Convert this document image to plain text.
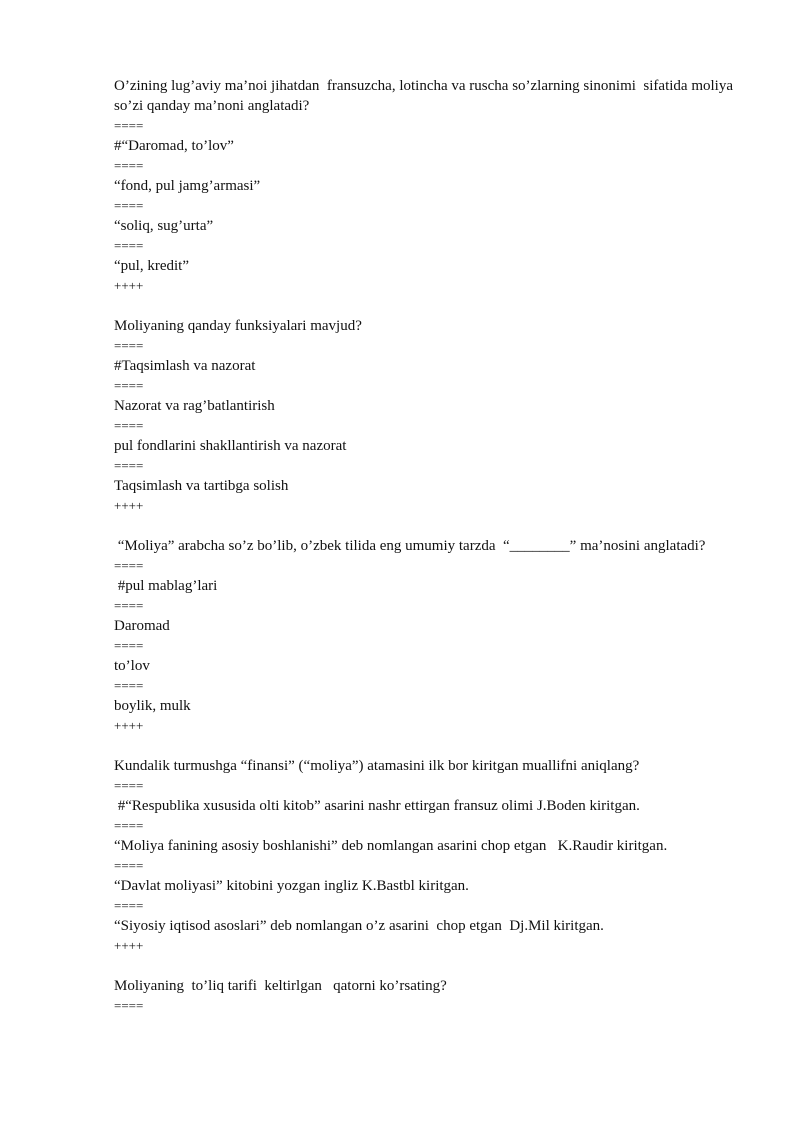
O’zining lug’aviy ma’noi jihatdan  fransuzcha, lotincha va ruscha so’zlarning sinonimi  sifatida moliya so’zi qanday ma’noni anglatadi?
====
#“Daromad, to’lov”
====
“fond, pul jamg’armasi”
====
“soliq, sug’urta”
====
“pul, kredit”
++++
Moliyaning qanday funksiyalari mavjud?
====
#Taqsimlash va nazorat
====
Nazorat va rag’batlantirish
====
pul fondlarini shakllantirish va nazorat
====
Taqsimlash va tartibga solish
++++
“Moliya” arabcha so’z bo’lib, o’zbek tilida eng umumiy tarzda  “________” ma’nosini anglatadi?
====
#pul mablag’lari
====
Daromad
====
to’lov
====
boylik, mulk
++++
Kundalik turmushga “finansi” (“moliya”) atamasini ilk bor kiritgan muallifni aniqlang?
====
#“Respublika xususida olti kitob” asarini nashr ettirgan fransuz olimi J.Boden kiritgan.
====
“Moliya fanining asosiy boshlanishi” deb nomlangan asarini chop etgan   K.Raudir kiritgan.
====
“Davlat moliyasi” kitobini yozgan ingliz K.Bastbl kiritgan.
====
“Siyosiy iqtisod asoslari” deb nomlangan o’z asarini  chop etgan  Dj.Mil kiritgan.
++++
Moliyaning  to’liq tarifi  keltirlgan   qatorni ko’rsating?
====
